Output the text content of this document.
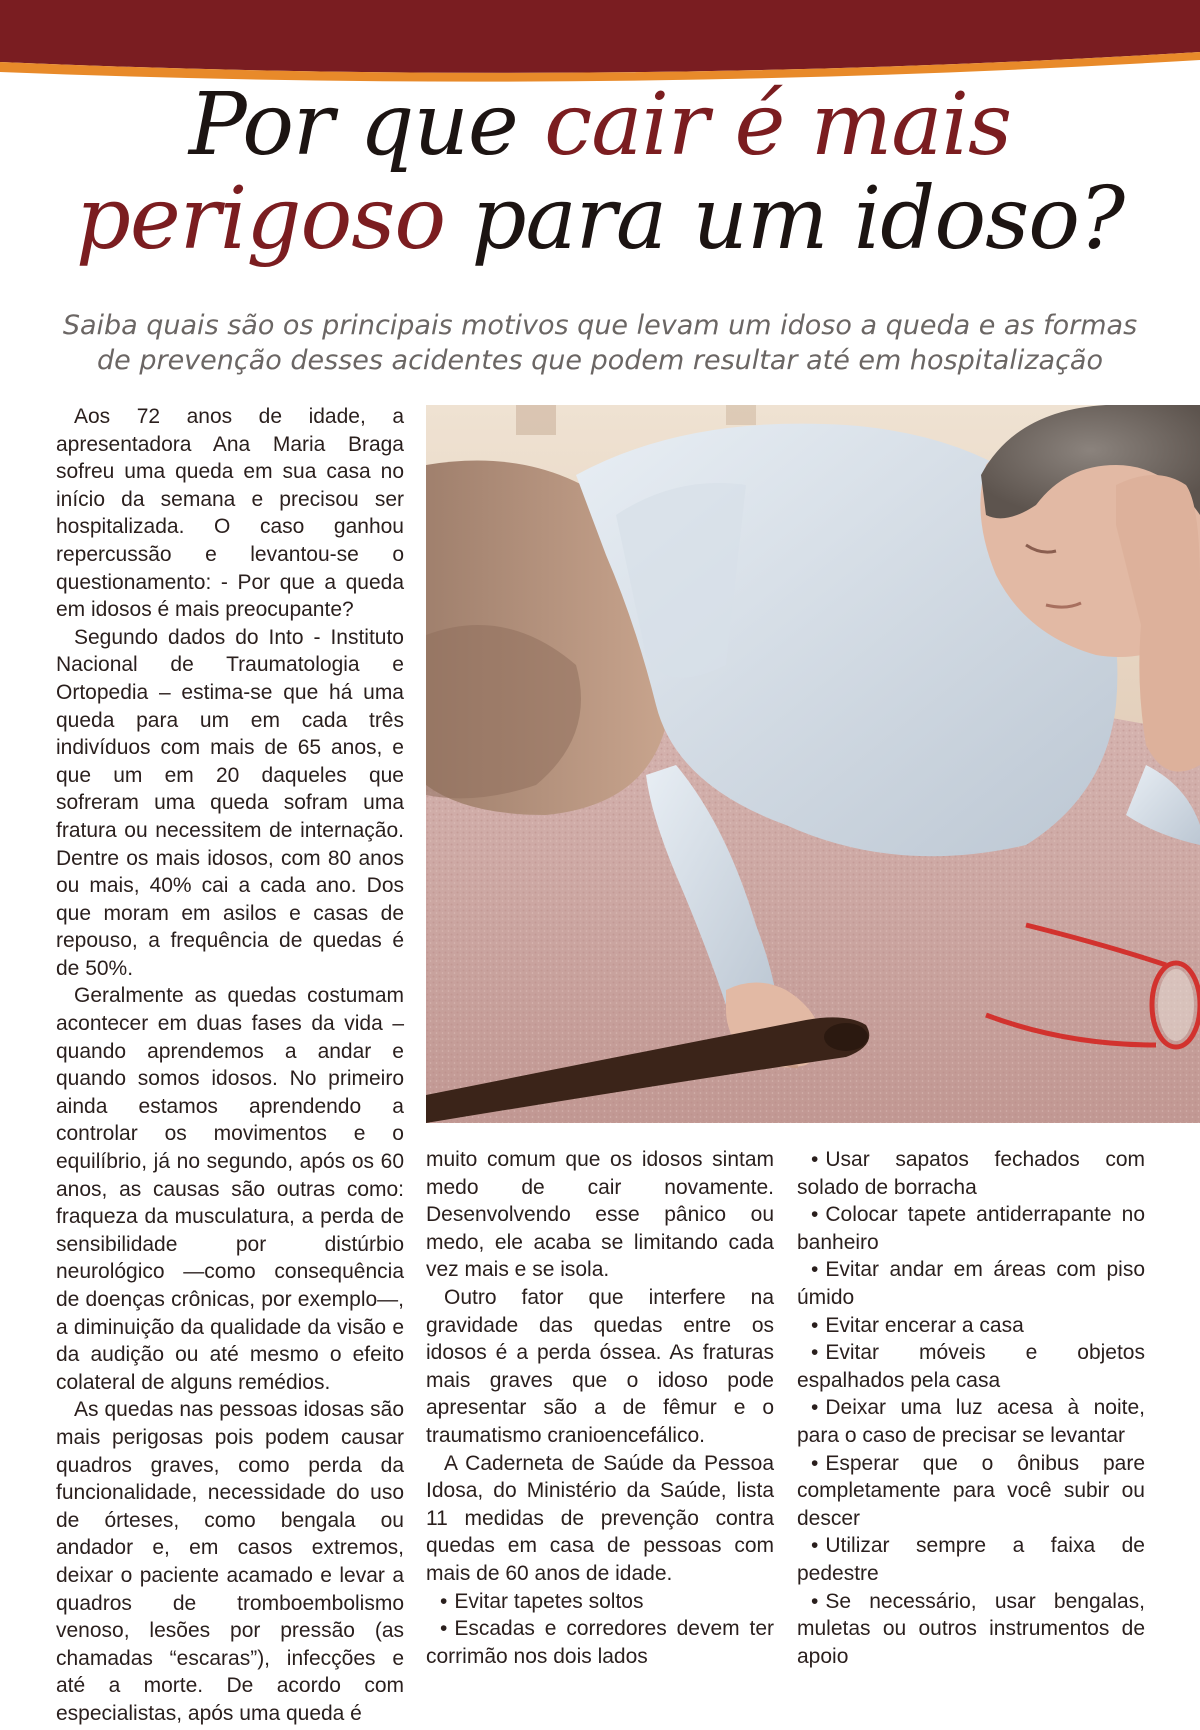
Por que cair é mais
perigoso para um idoso?

Saiba quais são os principais motivos que levam um idoso a queda e as formas de prevenção desses acidentes que podem resultar até em hospitalização

Aos 72 anos de idade, a apresentadora Ana Maria Braga sofreu uma queda em sua casa no início da semana e precisou ser hospitalizada. O caso ganhou repercussão e levantou-se o questionamento: - Por que a queda em idosos é mais preocupante?

Segundo dados do Into - Instituto Nacional de Traumatologia e Ortopedia – estima-se que há uma queda para um em cada três indivíduos com mais de 65 anos, e que um em 20 daqueles que sofreram uma queda sofram uma fratura ou necessitem de internação. Dentre os mais idosos, com 80 anos ou mais, 40% cai a cada ano. Dos que moram em asilos e casas de repouso, a frequência de quedas é de 50%.

Geralmente as quedas costumam acontecer em duas fases da vida – quando aprendemos a andar e quando somos idosos. No primeiro ainda estamos aprendendo a controlar os movimentos e o equilíbrio, já no segundo, após os 60 anos, as causas são outras como: fraqueza da musculatura, a perda de sensibilidade por distúrbio neurológico —como consequência de doenças crônicas, por exemplo—, a diminuição da qualidade da visão e da audição ou até mesmo o efeito colateral de alguns remédios.

As quedas nas pessoas idosas são mais perigosas pois podem causar quadros graves, como perda da funcionalidade, necessidade do uso de órteses, como bengala ou andador e, em casos extremos, deixar o paciente acamado e levar a quadros de tromboembolismo venoso, lesões por pressão (as chamadas “escaras”), infecções e até a morte. De acordo com especialistas, após uma queda é

muito comum que os idosos sintam medo de cair novamente. Desenvolvendo esse pânico ou medo, ele acaba se limitando cada vez mais e se isola.

Outro fator que interfere na gravidade das quedas entre os idosos é a perda óssea. As fraturas mais graves que o idoso pode apresentar são a de fêmur e o traumatismo cranioencefálico.

A Caderneta de Saúde da Pessoa Idosa, do Ministério da Saúde, lista 11 medidas de prevenção contra quedas em casa de pessoas com mais de 60 anos de idade.

• Evitar tapetes soltos
• Escadas e corredores devem ter corrimão nos dois lados
• Usar sapatos fechados com solado de borracha
• Colocar tapete antiderrapante no banheiro
• Evitar andar em áreas com piso úmido
• Evitar encerar a casa
• Evitar móveis e objetos espalhados pela casa
• Deixar uma luz acesa à noite, para o caso de precisar se levantar
• Esperar que o ônibus pare completamente para você subir ou descer
• Utilizar sempre a faixa de pedestre
• Se necessário, usar bengalas, muletas ou outros instrumentos de apoio
